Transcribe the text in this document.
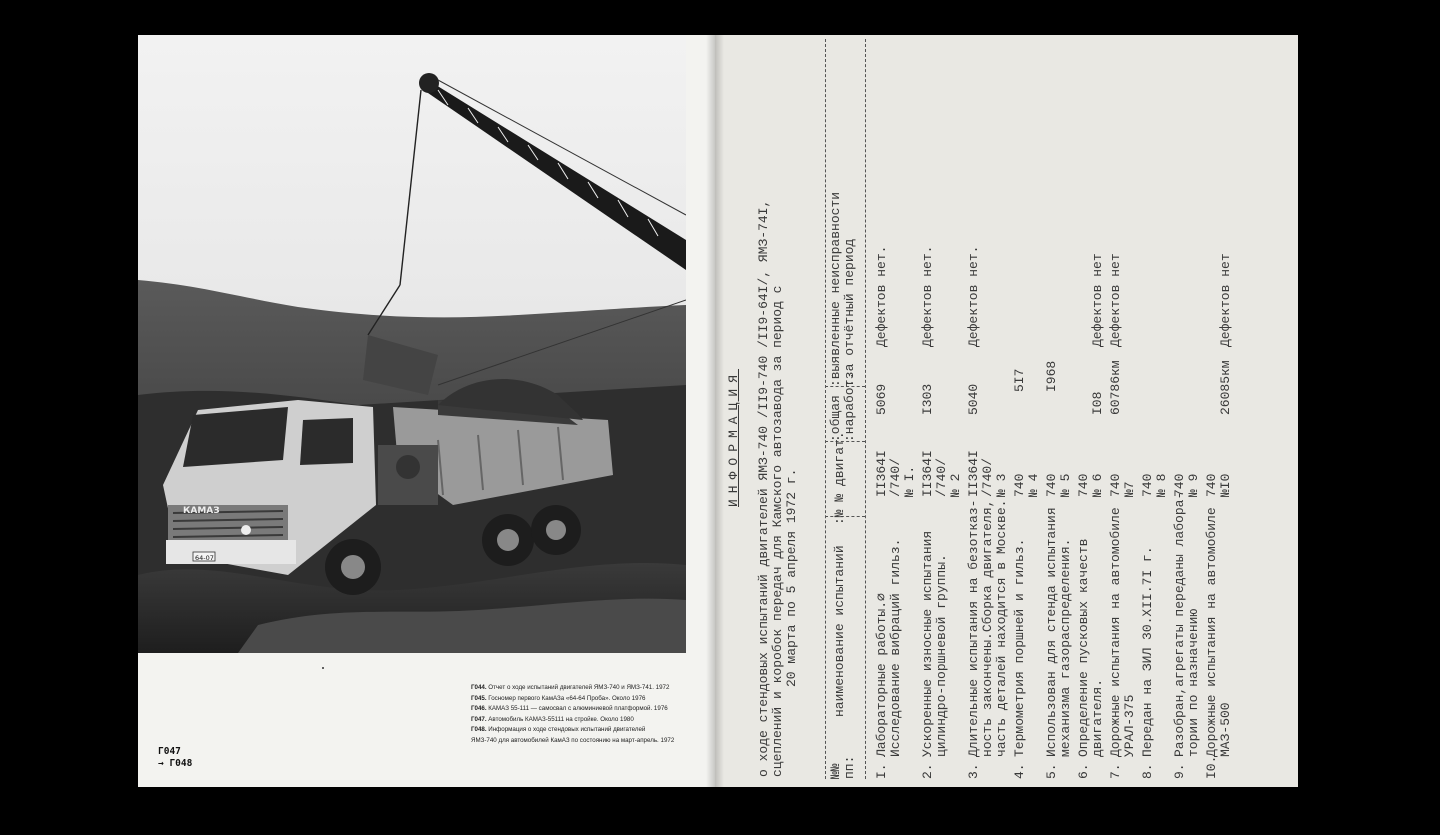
КАМАЗ
64-07
Г044. Отчет о ходе испытаний двигателей ЯМЗ-740 и ЯМЗ-741. 1972
Г045. Госномер первого КамАЗа «64-64 Проба». Около 1976
Г046. КАМАЗ 55-111 — самосвал с алюминиевой платформой. 1976
Г047. Автомобиль КАМАЗ-55111 на стройке. Около 1980
Г048. Информация о ходе стендовых испытаний двигателей
ЯМЗ-740 для автомобилей КамАЗ по состоянию на март-апрель. 1972
Г047
→ Г048
ИНФОРМАЦИЯ о ходе стендовых испытаний двигателей ЯМЗ-740 /II9-740 /II9-64I/, ЯМЗ-74I, сцеплений и коробок передач для Камского автозавода за период с 20 марта по 5 апреля 1972 г.
№№ пп:
наименование испытаний
:№ № двигат.
:общая :наработ.
:выявленные неисправности :за отчётный период
I.
Лабораторные работы.∅ Исследование вибраций гильз.
II364I /740/ № I.
5069
Дефектов нет.
2.
Ускоренные износные испытания цилиндро-поршневой группы.
II364I /740/ № 2
I303
Дефектов нет.
3.
Длительные испытания на безотказ- ность закончены.Сборка двигателя, часть деталей находится в Москве.
II364I /740/ № 3
5040
Дефектов нет.
4.
Термометрия поршней и гильз.
740 № 4
5I7
5.
Использован для стенда испытания механизма газораспределения.
740 № 5
I968
6.
Определение пусковых качеств двигателя.
740 № 6
I08
Дефектов нет
7.
Дорожные испытания на автомобиле УРАЛ-375
740 №7
60786км
Дефектов нет
8.
Передан на ЗИЛ 30.XII.7I г.
740 № 8
9.
Разобран,агрегаты переданы лабора- тории по назначению
740 № 9
I0.
Дорожные испытания на автомобиле МАЗ-500
740 №I0
26085км
Дефектов нет
